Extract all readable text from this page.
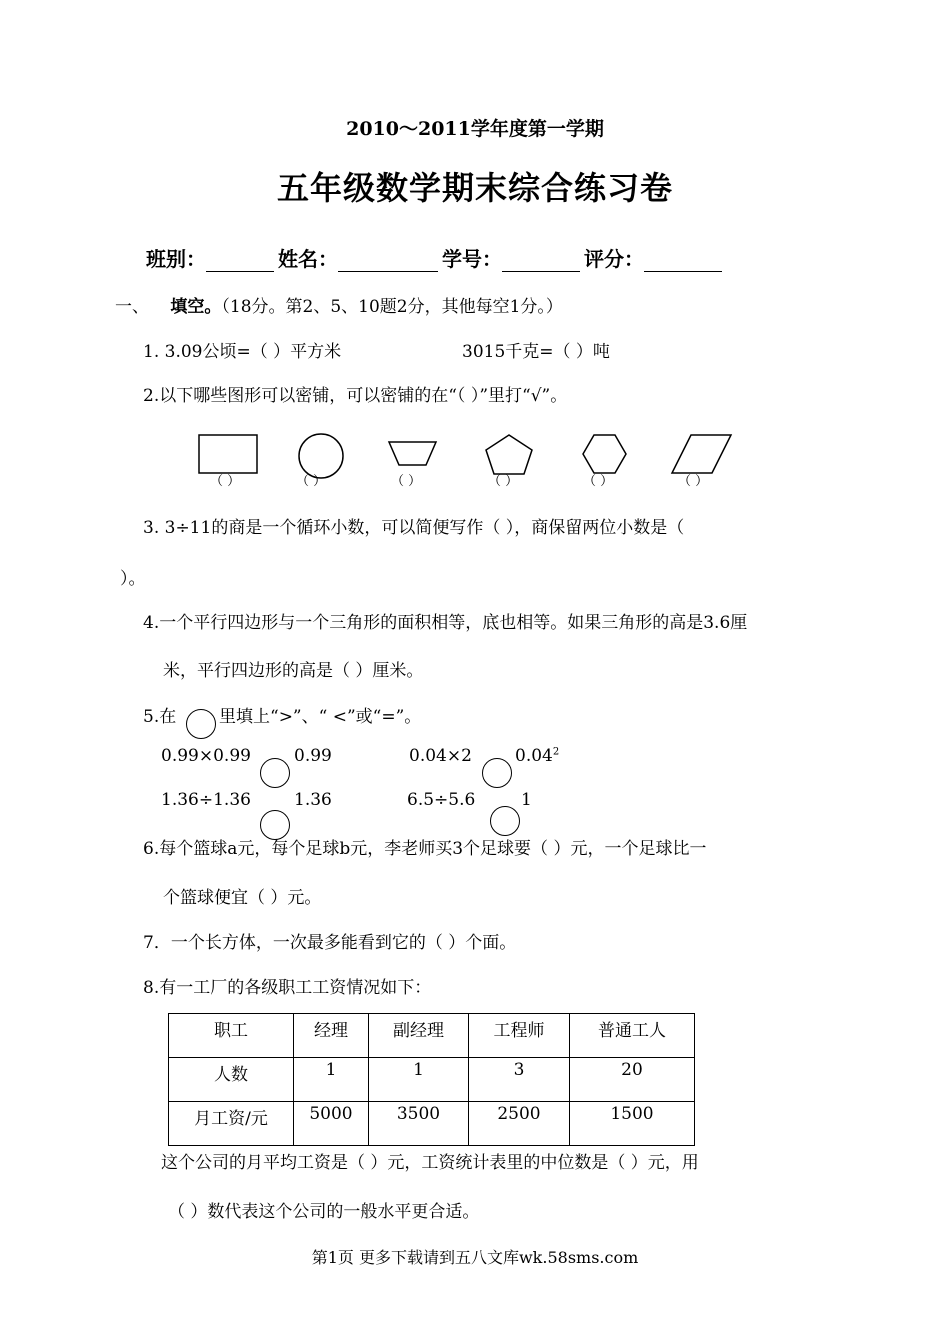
2010～2011学年度第一学期
五年级数学期末综合练习卷
班别：	姓名：	学号：	评分：
一、 填空。（18分。第2、5、10题2分，其他每空1分。）
1. 3.09公顷=（ ）平方米	3015千克=（ ）吨
2.以下哪些图形可以密铺，可以密铺的在“（ ）”里打“√”。
（ ）	（ ）	（ ）	（ ）	（ ）	（ ）
3. 3÷11的商是一个循环小数，可以简便写作（ ），商保留两位小数是（
）。
4.一个平行四边形与一个三角形的面积相等，底也相等。如果三角形的高是3.6厘
米，平行四边形的高是（ ）厘米。
5.在	里填上“>”、“ <”或“=”。
0.99×0.99	0.99	0.04×2	0.04$^2$
1.36÷1.36	1.36	6.5÷5.6	1
6.每个篮球a元，每个足球b元，李老师买3个足球要（ ）元，一个足球比一
个篮球便宜（ ）元。
7．一个长方体，一次最多能看到它的（ ）个面。
8.有一工厂的各级职工工资情况如下：
职工	经理	副经理	工程师	普通工人
人数	1	1	3	20
月工资/元	5000	3500	2500	1500
这个公司的月平均工资是（ ）元，工资统计表里的中位数是（ ）元，用
（ ）数代表这个公司的一般水平更合适。
第1页 更多下载请到五八文库wk.58sms.com
